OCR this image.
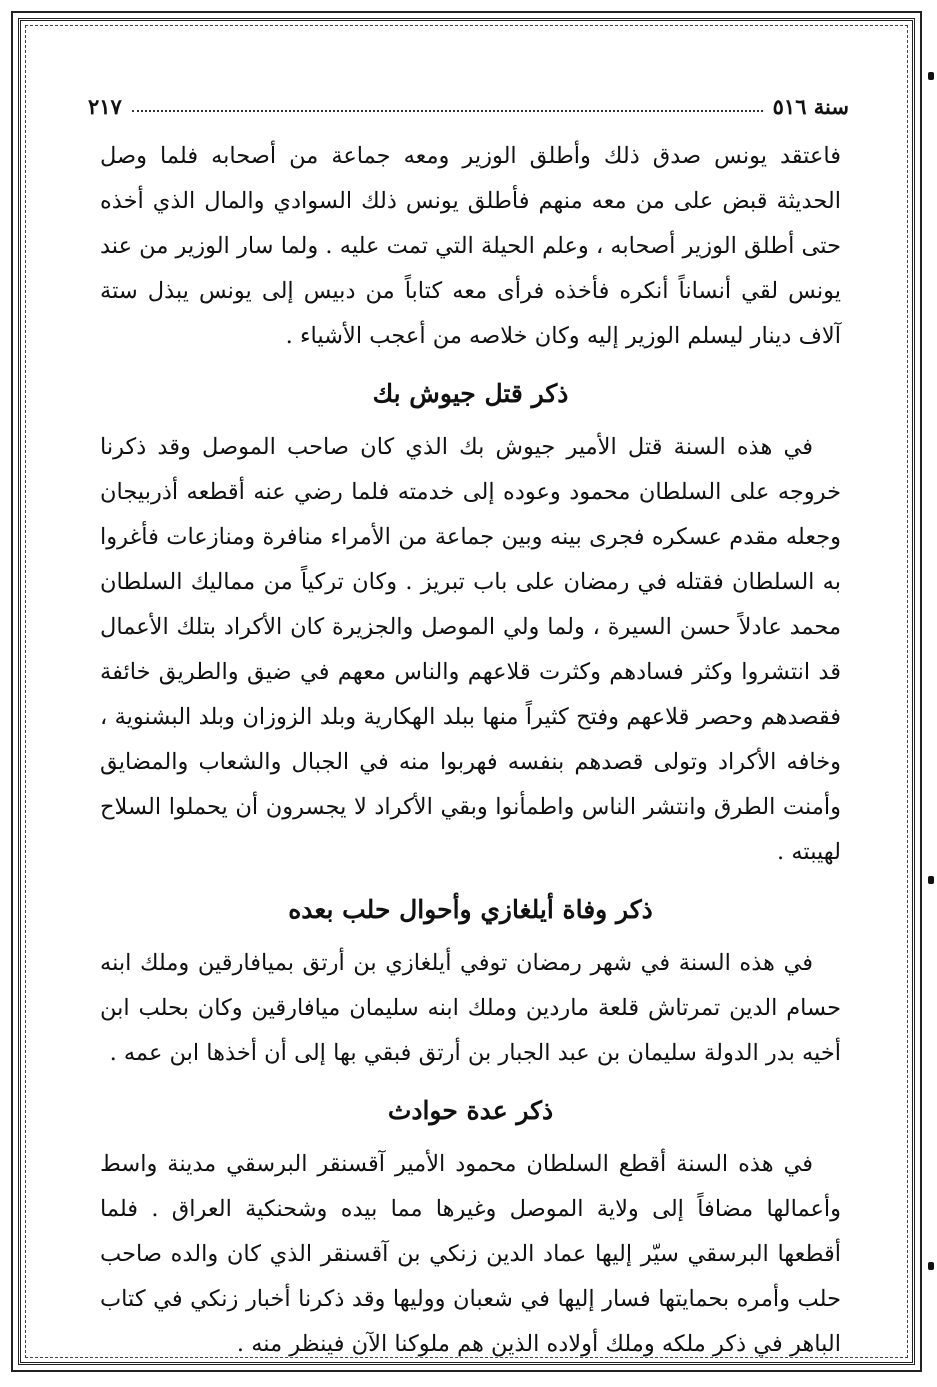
سنة ٥١٦
٢١٧

فاعتقد يونس صدق ذلك وأطلق الوزير ومعه جماعة من أصحابه فلما وصل الحديثة قبض على من معه منهم فأطلق يونس ذلك السوادي والمال الذي أخذه حتى أطلق الوزير أصحابه ، وعلم الحيلة التي تمت عليه . ولما سار الوزير من عند يونس لقي أنساناً أنكره فأخذه فرأى معه كتاباً من دبيس إلى يونس يبذل ستة آلاف دينار ليسلم الوزير إليه وكان خلاصه من أعجب الأشياء .

ذكر قتل جيوش بك

في هذه السنة قتل الأمير جيوش بك الذي كان صاحب الموصل وقد ذكرنا خروجه على السلطان محمود وعوده إلى خدمته فلما رضي عنه أقطعه أذربيجان وجعله مقدم عسكره فجرى بينه وبين جماعة من الأمراء منافرة ومنازعات فأغروا به السلطان فقتله في رمضان على باب تبريز . وكان تركياً من مماليك السلطان محمد عادلاً حسن السيرة ، ولما ولي الموصل والجزيرة كان الأكراد بتلك الأعمال قد انتشروا وكثر فسادهم وكثرت قلاعهم والناس معهم في ضيق والطريق خائفة فقصدهم وحصر قلاعهم وفتح كثيراً منها ببلد الهكارية وبلد الزوزان وبلد البشنوية ، وخافه الأكراد وتولى قصدهم بنفسه فهربوا منه في الجبال والشعاب والمضايق وأمنت الطرق وانتشر الناس واطمأنوا وبقي الأكراد لا يجسرون أن يحملوا السلاح لهيبته .

ذكر وفاة أيلغازي وأحوال حلب بعده

في هذه السنة في شهر رمضان توفي أيلغازي بن أرتق بميافارقين وملك ابنه حسام الدين تمرتاش قلعة ماردين وملك ابنه سليمان ميافارقين وكان بحلب ابن أخيه بدر الدولة سليمان بن عبد الجبار بن أرتق فبقي بها إلى أن أخذها ابن عمه .

ذكر عدة حوادث

في هذه السنة أقطع السلطان محمود الأمير آقسنقر البرسقي مدينة واسط وأعمالها مضافاً إلى ولاية الموصل وغيرها مما بيده وشحنكية العراق . فلما أقطعها البرسقي سيّر إليها عماد الدين زنكي بن آقسنقر الذي كان والده صاحب حلب وأمره بحمايتها فسار إليها في شعبان ووليها وقد ذكرنا أخبار زنكي في كتاب الباهر في ذكر ملكه وملك أولاده الذين هم ملوكنا الآن فينظر منه .
